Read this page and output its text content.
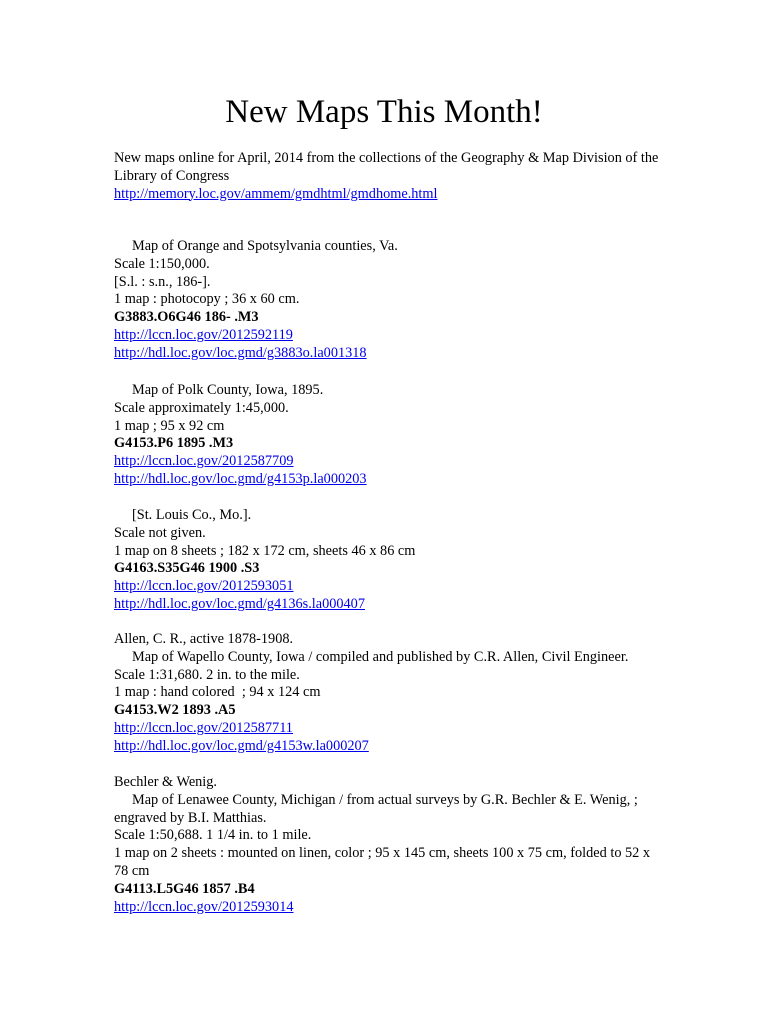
New Maps This Month!
New maps online for April, 2014 from the collections of the Geography & Map Division of the Library of Congress
http://memory.loc.gov/ammem/gmdhtml/gmdhome.html
Map of Orange and Spotsylvania counties, Va.
Scale 1:150,000.
[S.l. : s.n., 186-].
1 map : photocopy ; 36 x 60 cm.
G3883.O6G46 186- .M3
http://lccn.loc.gov/2012592119
http://hdl.loc.gov/loc.gmd/g3883o.la001318
Map of Polk County, Iowa, 1895.
Scale approximately 1:45,000.
1 map ; 95 x 92 cm
G4153.P6 1895 .M3
http://lccn.loc.gov/2012587709
http://hdl.loc.gov/loc.gmd/g4153p.la000203
[St. Louis Co., Mo.].
Scale not given.
1 map on 8 sheets ; 182 x 172 cm, sheets 46 x 86 cm
G4163.S35G46 1900 .S3
http://lccn.loc.gov/2012593051
http://hdl.loc.gov/loc.gmd/g4136s.la000407
Allen, C. R., active 1878-1908.
Map of Wapello County, Iowa / compiled and published by C.R. Allen, Civil Engineer.
Scale 1:31,680. 2 in. to the mile.
1 map : hand colored  ; 94 x 124 cm
G4153.W2 1893 .A5
http://lccn.loc.gov/2012587711
http://hdl.loc.gov/loc.gmd/g4153w.la000207
Bechler & Wenig.
Map of Lenawee County, Michigan / from actual surveys by G.R. Bechler & E. Wenig, ; engraved by B.I. Matthias.
Scale 1:50,688. 1 1/4 in. to 1 mile.
1 map on 2 sheets : mounted on linen, color ; 95 x 145 cm, sheets 100 x 75 cm, folded to 52 x 78 cm
G4113.L5G46 1857 .B4
http://lccn.loc.gov/2012593014
